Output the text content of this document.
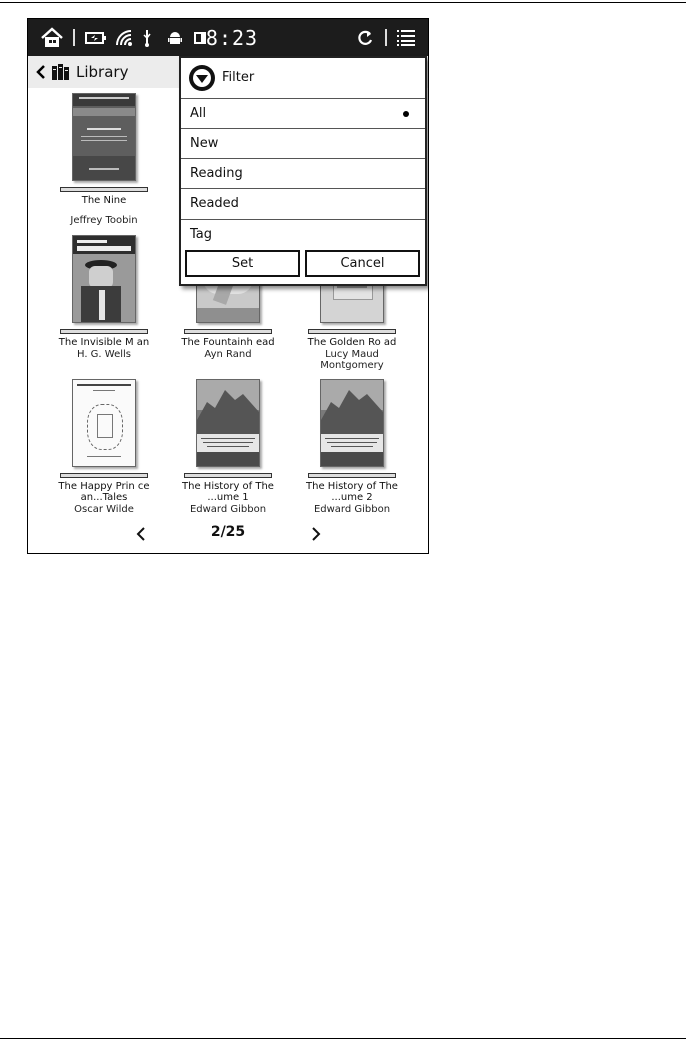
8:23
Library
The Nine
Jeffrey Toobin
The Invisible M an
H. G. Wells
The Fountainh ead
Ayn Rand
The Golden Ro ad
Lucy Maud Montgomery
The Happy Prin ce an...Tales
Oscar Wilde
The History of The ...ume 1
Edward Gibbon
The History of The ...ume 2
Edward Gibbon
2/25
Filter
All
New
Reading
Readed
Tag
Set	Cancel
